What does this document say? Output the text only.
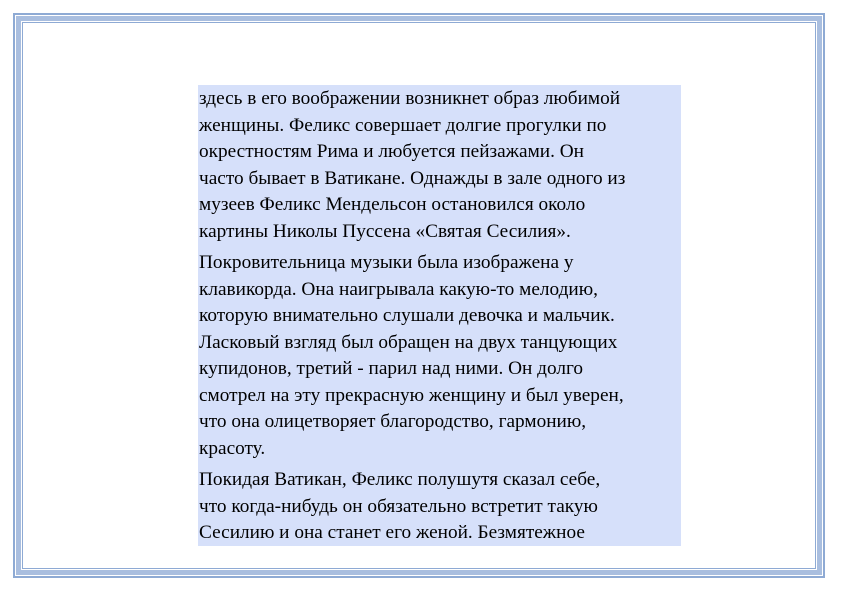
здесь в его воображении возникнет образ любимой
женщины. Феликс совершает долгие прогулки по
окрестностям Рима и любуется пейзажами. Он
часто бывает в Ватикане. Однажды в зале одного из
музеев Феликс Мендельсон остановился около
картины Николы Пуссена «Святая Сесилия».

Покровительница музыки была изображена у
клавикорда. Она наигрывала какую-то мелодию,
которую внимательно слушали девочка и мальчик.
Ласковый взгляд был обращен на двух танцующих
купидонов, третий - парил над ними. Он долго
смотрел на эту прекрасную женщину и был уверен,
что она олицетворяет благородство, гармонию,
красоту.

Покидая Ватикан, Феликс полушутя сказал себе,
что когда-нибудь он обязательно встретит такую
Сесилию и она станет его женой. Безмятежное
